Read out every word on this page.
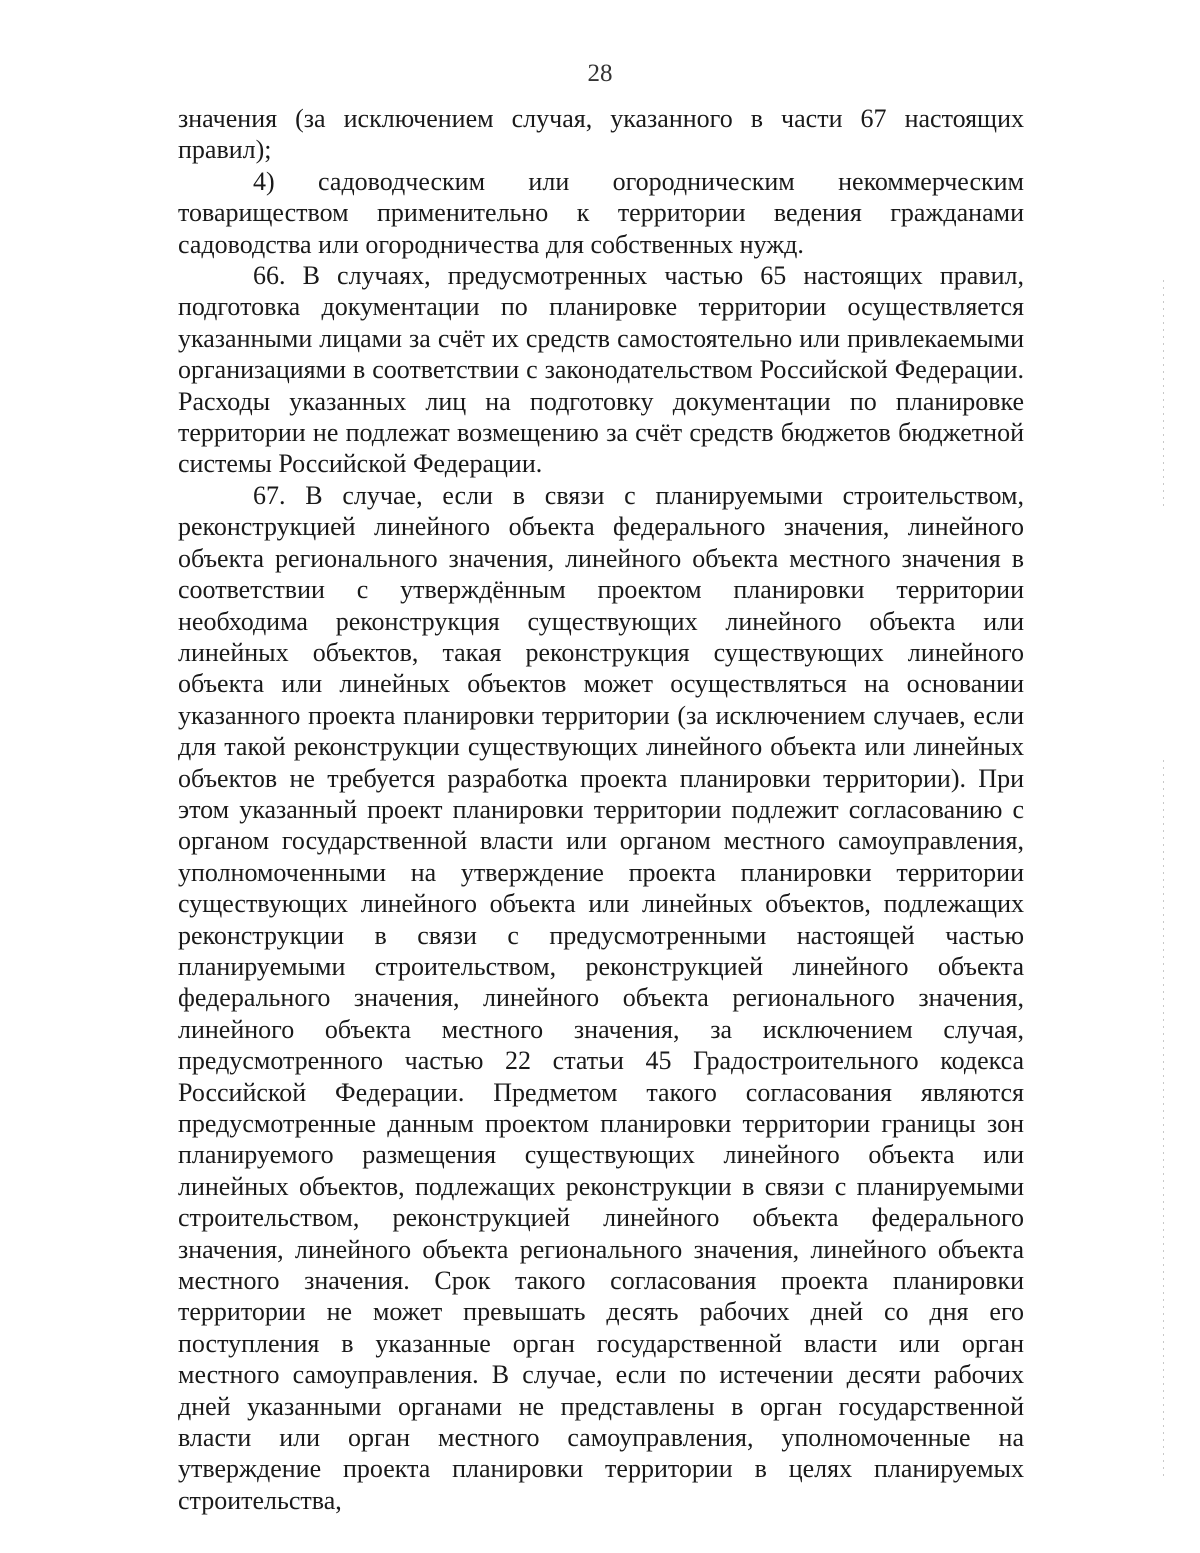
28

значения (за исключением случая, указанного в части 67 настоящих правил);

4) садоводческим или огородническим некоммерческим товариществом применительно к территории ведения гражданами садоводства или огородничества для собственных нужд.

66. В случаях, предусмотренных частью 65 настоящих правил, подготовка документации по планировке территории осуществляется указанными лицами за счёт их средств самостоятельно или привлекаемыми организациями в соответствии с законодательством Российской Федерации. Расходы указанных лиц на подготовку документации по планировке территории не подлежат возмещению за счёт средств бюджетов бюджетной системы Российской Федерации.

67. В случае, если в связи с планируемыми строительством, реконструкцией линейного объекта федерального значения, линейного объекта регионального значения, линейного объекта местного значения в соответствии с утверждённым проектом планировки территории необходима реконструкция существующих линейного объекта или линейных объектов, такая реконструкция существующих линейного объекта или линейных объектов может осуществляться на основании указанного проекта планировки территории (за исключением случаев, если для такой реконструкции существующих линейного объекта или линейных объектов не требуется разработка проекта планировки территории). При этом указанный проект планировки территории подлежит согласованию с органом государственной власти или органом местного самоуправления, уполномоченными на утверждение проекта планировки территории существующих линейного объекта или линейных объектов, подлежащих реконструкции в связи с предусмотренными настоящей частью планируемыми строительством, реконструкцией линейного объекта федерального значения, линейного объекта регионального значения, линейного объекта местного значения, за исключением случая, предусмотренного частью 22 статьи 45 Градостроительного кодекса Российской Федерации. Предметом такого согласования являются предусмотренные данным проектом планировки территории границы зон планируемого размещения существующих линейного объекта или линейных объектов, подлежащих реконструкции в связи с планируемыми строительством, реконструкцией линейного объекта федерального значения, линейного объекта регионального значения, линейного объекта местного значения. Срок такого согласования проекта планировки территории не может превышать десять рабочих дней со дня его поступления в указанные орган государственной власти или орган местного самоуправления. В случае, если по истечении десяти рабочих дней указанными органами не представлены в орган государственной власти или орган местного самоуправления, уполномоченные на утверждение проекта планировки территории в целях планируемых строительства,
